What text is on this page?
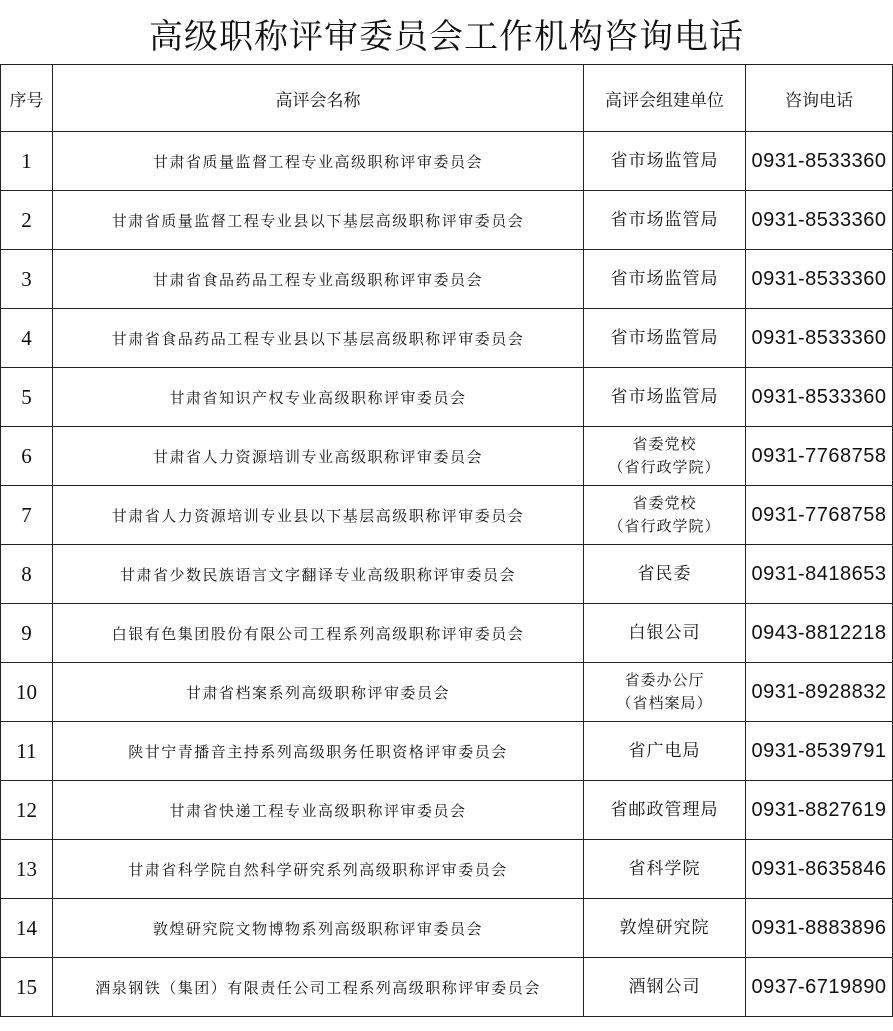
高级职称评审委员会工作机构咨询电话
序号	高评会名称	高评会组建单位	咨询电话
1	甘肃省质量监督工程专业高级职称评审委员会	省市场监管局	0931-8533360
2	甘肃省质量监督工程专业县以下基层高级职称评审委员会	省市场监管局	0931-8533360
3	甘肃省食品药品工程专业高级职称评审委员会	省市场监管局	0931-8533360
4	甘肃省食品药品工程专业县以下基层高级职称评审委员会	省市场监管局	0931-8533360
5	甘肃省知识产权专业高级职称评审委员会	省市场监管局	0931-8533360
6	甘肃省人力资源培训专业高级职称评审委员会	省委党校
（省行政学院）	0931-7768758
7	甘肃省人力资源培训专业县以下基层高级职称评审委员会	省委党校
（省行政学院）	0931-7768758
8	甘肃省少数民族语言文字翻译专业高级职称评审委员会	省民委	0931-8418653
9	白银有色集团股份有限公司工程系列高级职称评审委员会	白银公司	0943-8812218
10	甘肃省档案系列高级职称评审委员会	省委办公厅
（省档案局）	0931-8928832
11	陕甘宁青播音主持系列高级职务任职资格评审委员会	省广电局	0931-8539791
12	甘肃省快递工程专业高级职称评审委员会	省邮政管理局	0931-8827619
13	甘肃省科学院自然科学研究系列高级职称评审委员会	省科学院	0931-8635846
14	敦煌研究院文物博物系列高级职称评审委员会	敦煌研究院	0931-8883896
15	酒泉钢铁（集团）有限责任公司工程系列高级职称评审委员会	酒钢公司	0937-6719890
